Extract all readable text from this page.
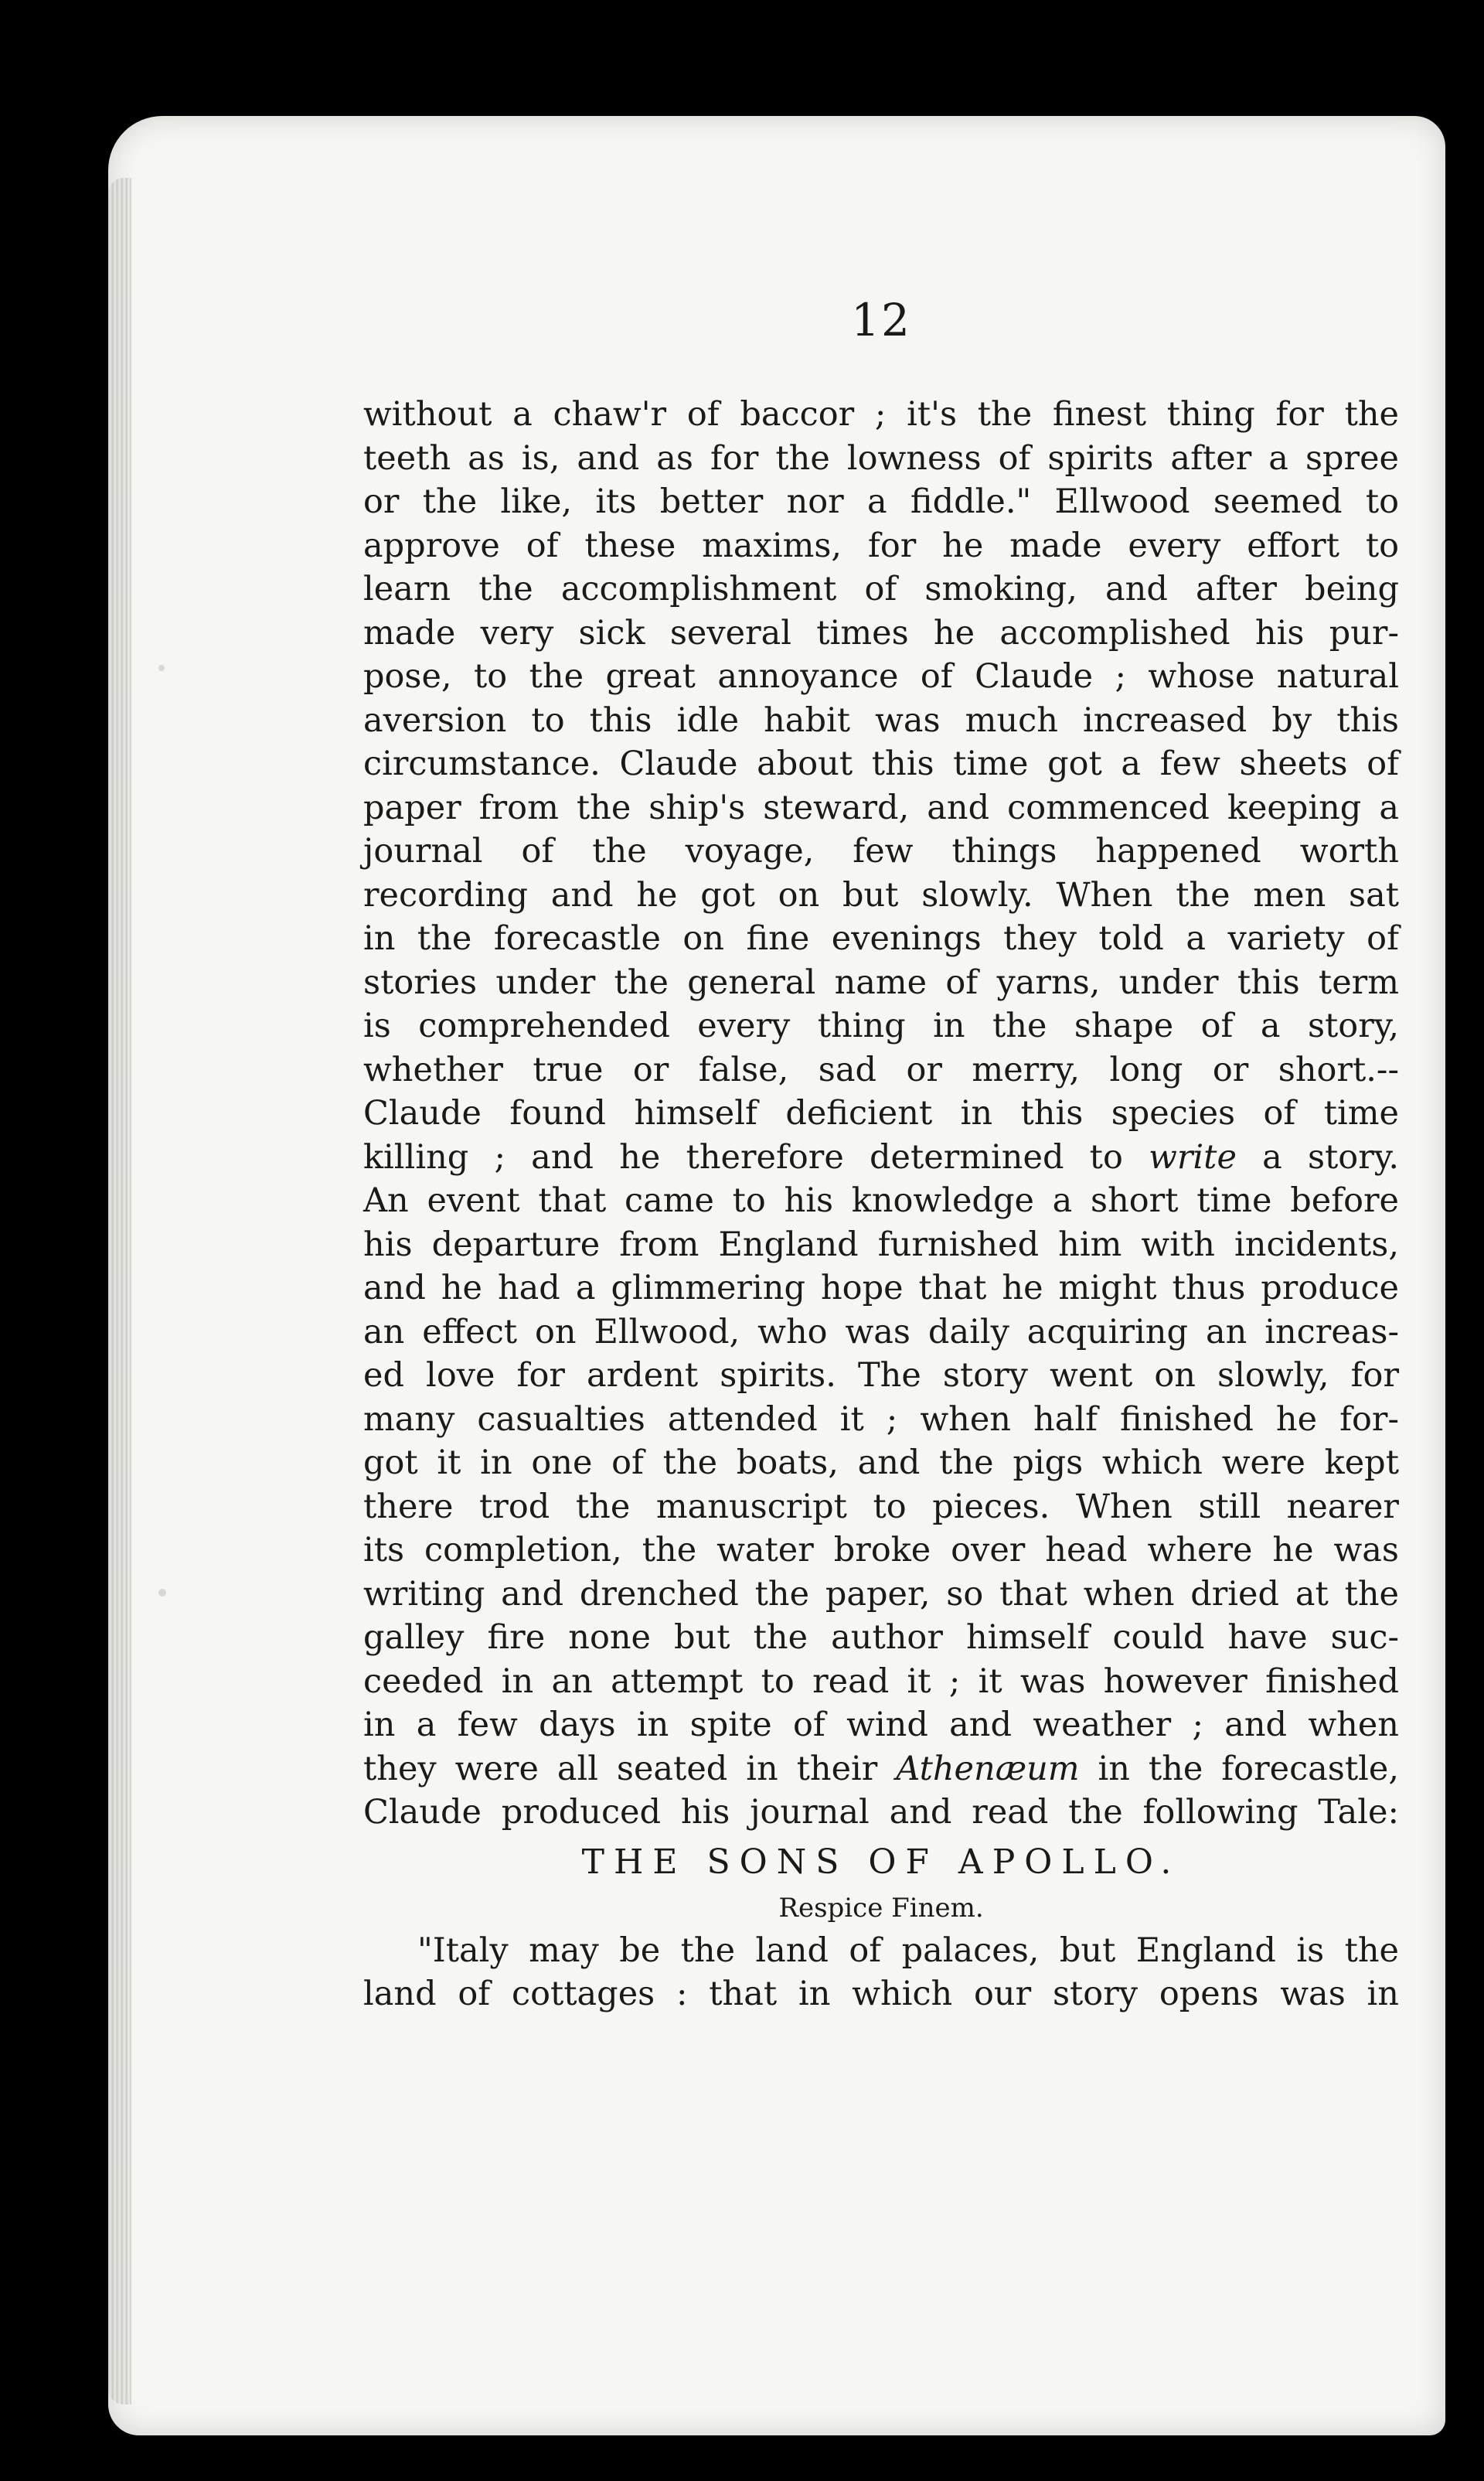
12
without a chaw'r of baccor ; it's the finest thing for the
teeth as is, and as for the lowness of spirits after a spree
or the like, its better nor a fiddle." Ellwood seemed to
approve of these maxims, for he made every effort to
learn the accomplishment of smoking, and after being
made very sick several times he accomplished his pur-
pose, to the great annoyance of Claude ; whose natural
aversion to this idle habit was much increased by this
circumstance. Claude about this time got a few sheets of
paper from the ship's steward, and commenced keeping a
journal of the voyage, few things happened worth
recording and he got on but slowly. When the men sat
in the forecastle on fine evenings they told a variety of
stories under the general name of yarns, under this term
is comprehended every thing in the shape of a story,
whether true or false, sad or merry, long or short.--
Claude found himself deficient in this species of time
killing ; and he therefore determined to write a story.
An event that came to his knowledge a short time before
his departure from England furnished him with incidents,
and he had a glimmering hope that he might thus produce
an effect on Ellwood, who was daily acquiring an increas-
ed love for ardent spirits. The story went on slowly, for
many casualties attended it ; when half finished he for-
got it in one of the boats, and the pigs which were kept
there trod the manuscript to pieces. When still nearer
its completion, the water broke over head where he was
writing and drenched the paper, so that when dried at the
galley fire none but the author himself could have suc-
ceeded in an attempt to read it ; it was however finished
in a few days in spite of wind and weather ; and when
they were all seated in their Athenæum in the forecastle,
Claude produced his journal and read the following Tale:
THE SONS OF APOLLO.
Respice Finem.
"Italy may be the land of palaces, but England is the
land of cottages : that in which our story opens was in
